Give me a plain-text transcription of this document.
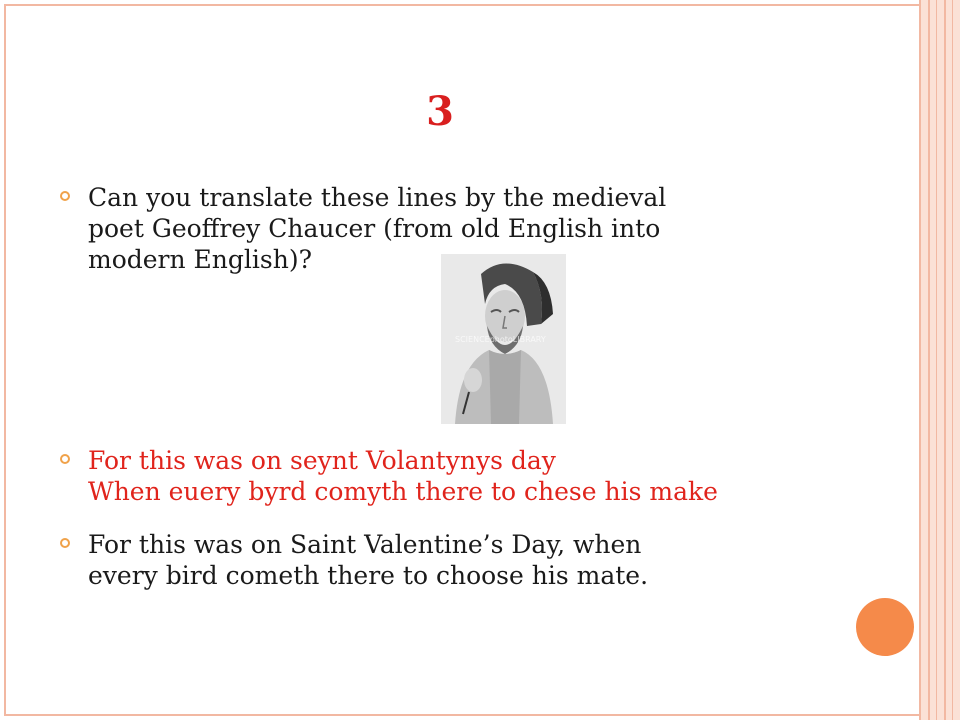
3
Can you translate these lines by the medieval
poet Geoffrey Chaucer (from old English into
modern English)?
SCIENCEphotoLIBRARY
For this was on seynt Volantynys day
When euery byrd comyth there to chese his make
For this was on Saint Valentine’s Day, when
every bird cometh there to choose his mate.
